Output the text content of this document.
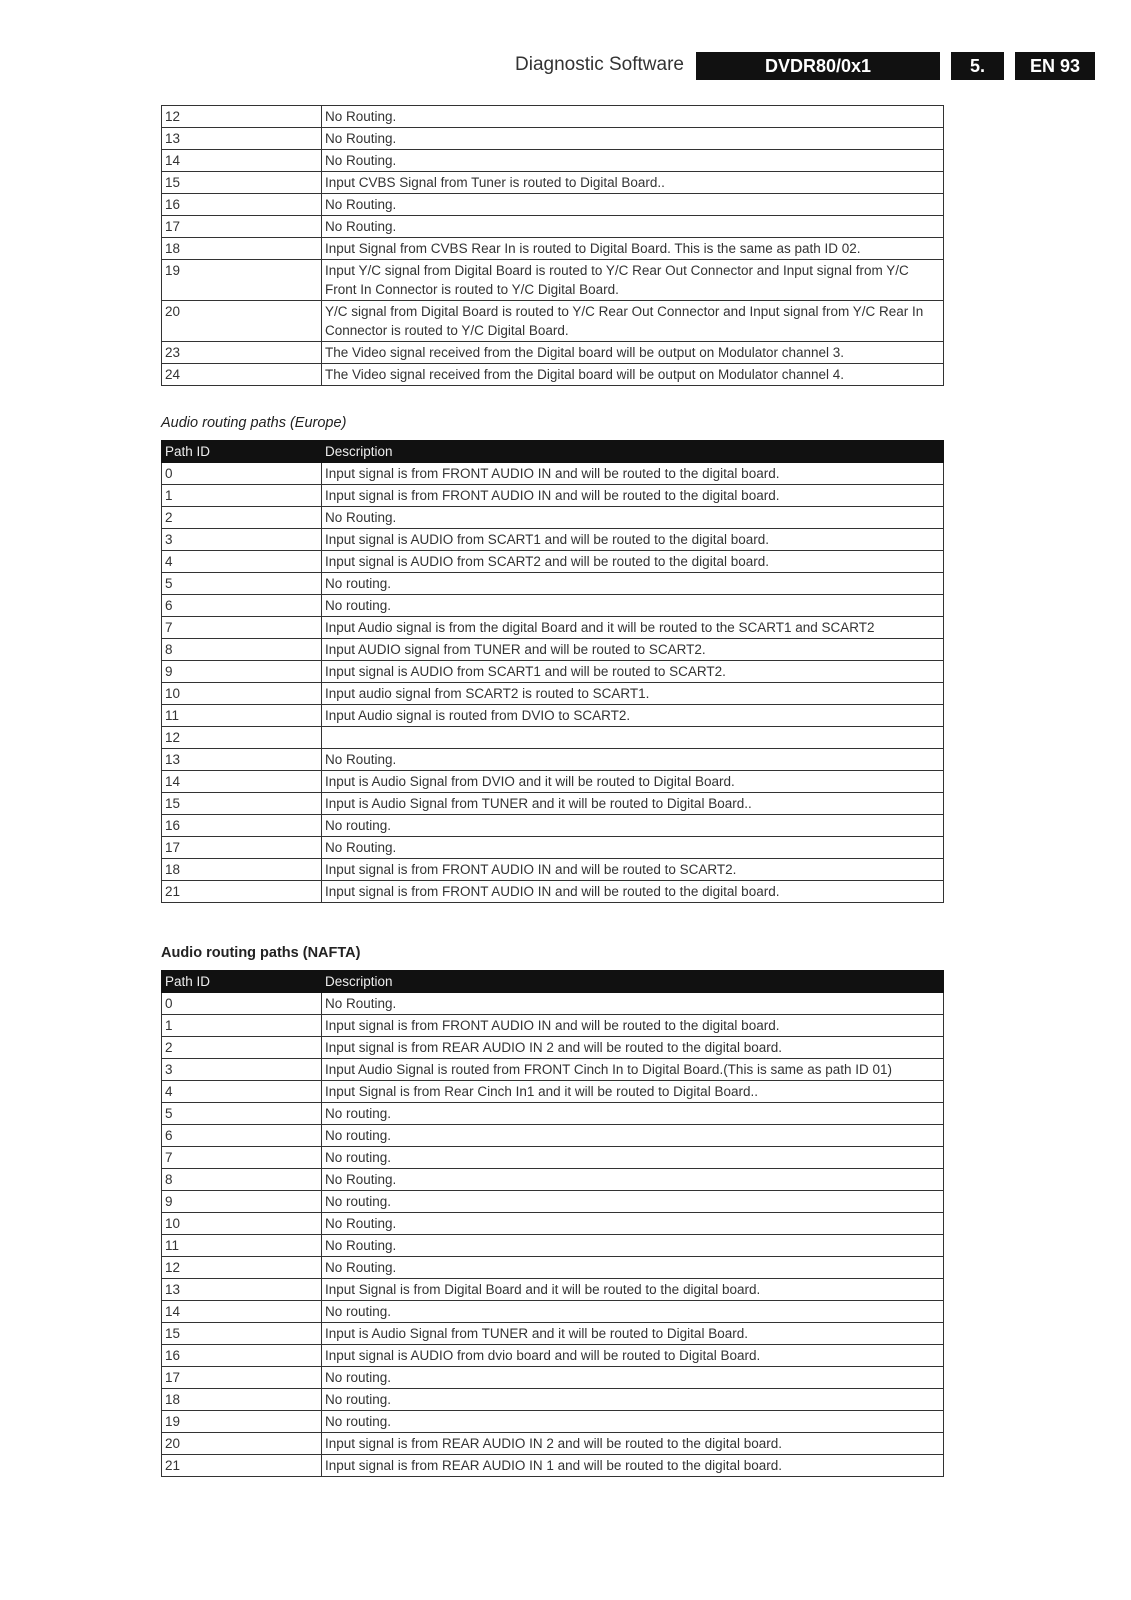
Diagnostic Software	DVDR80/0x1	5.	EN 93
12	No Routing.
13	No Routing.
14	No Routing.
15	Input CVBS Signal from Tuner is routed to Digital Board..
16	No Routing.
17	No Routing.
18	Input Signal from CVBS Rear In is routed to Digital Board. This is the same as path ID 02.
19	Input Y/C signal from Digital Board is routed to Y/C Rear Out Connector and Input signal from Y/C Front In Connector is routed to Y/C Digital Board.
20	Y/C signal from Digital Board is routed to Y/C Rear Out Connector and Input signal from Y/C Rear In Connector is routed to Y/C Digital Board.
23	The Video signal received from the Digital board will be output on Modulator channel 3.
24	The Video signal received from the Digital board will be output on Modulator channel 4.
Audio routing paths (Europe)
Path ID	Description
0	Input signal is from FRONT AUDIO IN and will be routed to the digital board.
1	Input signal is from FRONT AUDIO IN and will be routed to the digital board.
2	No Routing.
3	Input signal is AUDIO from SCART1 and will be routed to the digital board.
4	Input signal is AUDIO from SCART2 and will be routed to the digital board.
5	No routing.
6	No routing.
7	Input Audio signal is from the digital Board and it will be routed to the SCART1 and SCART2
8	Input AUDIO signal from TUNER and will be routed to SCART2.
9	Input signal is AUDIO from SCART1 and will be routed to SCART2.
10	Input audio signal from SCART2 is routed to SCART1.
11	Input Audio signal is routed from DVIO to SCART2.
12	
13	No Routing.
14	Input is Audio Signal from DVIO and it will be routed to Digital Board.
15	Input is Audio Signal from TUNER and it will be routed to Digital Board..
16	No routing.
17	No Routing.
18	Input signal is from FRONT AUDIO IN and will be routed to SCART2.
21	Input signal is from FRONT AUDIO IN and will be routed to the digital board.
Audio routing paths (NAFTA)
Path ID	Description
0	No Routing.
1	Input signal is from FRONT AUDIO IN and will be routed to the digital board.
2	Input signal is from REAR AUDIO IN 2 and will be routed to the digital board.
3	Input Audio Signal is routed from FRONT Cinch In to Digital Board.(This is same as path ID 01)
4	Input Signal is from Rear Cinch In1 and it will be routed to Digital Board..
5	No routing.
6	No routing.
7	No routing.
8	No Routing.
9	No routing.
10	No Routing.
11	No Routing.
12	No Routing.
13	Input Signal is from Digital Board and it will be routed to the digital board.
14	No routing.
15	Input is Audio Signal from TUNER and it will be routed to Digital Board.
16	Input signal is AUDIO from dvio board and will be routed to Digital Board.
17	No routing.
18	No routing.
19	No routing.
20	Input signal is from REAR AUDIO IN 2 and will be routed to the digital board.
21	Input signal is from REAR AUDIO IN 1 and will be routed to the digital board.
